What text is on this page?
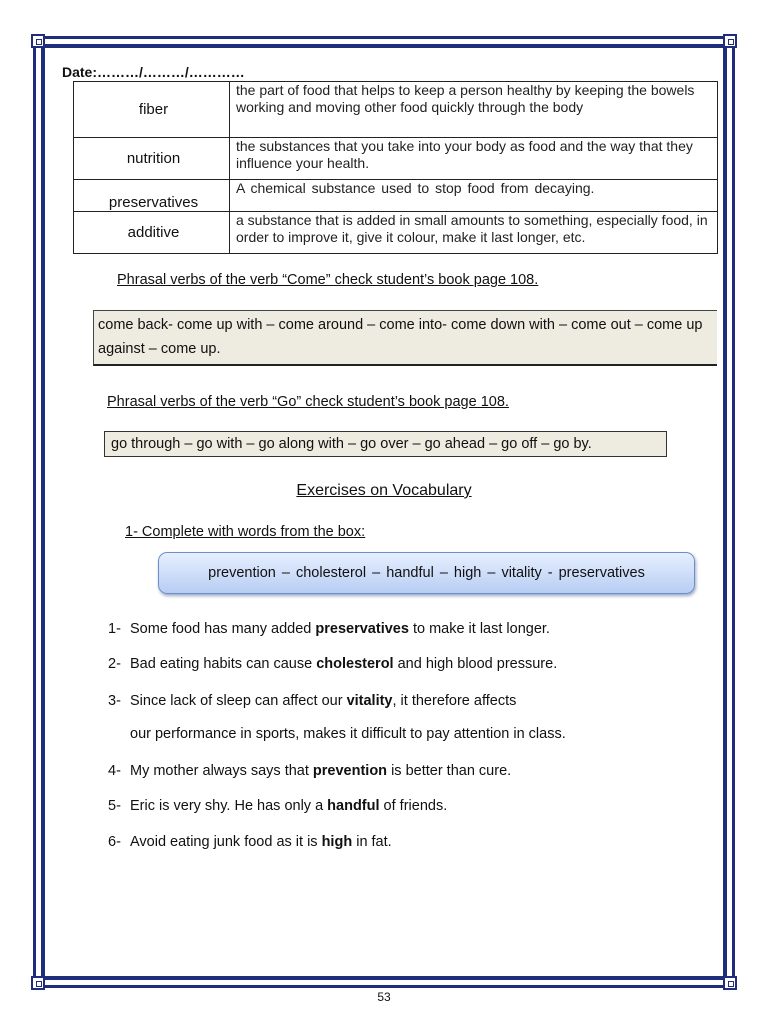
Date:………/………/…………
fiber	the part of food that helps to keep a person healthy by keeping the bowels working and moving other food quickly through the body
nutrition	the substances that you take into your body as food and the way that they influence your health.
preservatives	A chemical substance used to stop food from decaying.
additive	a substance that is added in small amounts to something, especially food, in order to improve it, give it colour, make it last longer, etc.
Phrasal verbs of the verb “Come” check student’s book page 108.
come back- come up with – come around – come into- come down with – come out – come up against – come up.
Phrasal verbs of the verb “Go” check student’s book page 108.
go through – go with – go along with – go over – go ahead – go off – go by.
Exercises on Vocabulary
1- Complete with words from the box:
prevention – cholesterol – handful – high – vitality - preservatives
1- Some food has many added preservatives to make it last longer.
2- Bad eating habits can cause cholesterol and high blood pressure.
3- Since lack of sleep can affect our vitality, it therefore affects
our performance in sports, makes it difficult to pay attention in class.
4- My mother always says that prevention is better than cure.
5- Eric is very shy. He has only a handful of friends.
6- Avoid eating junk food as it is high in fat.
53
